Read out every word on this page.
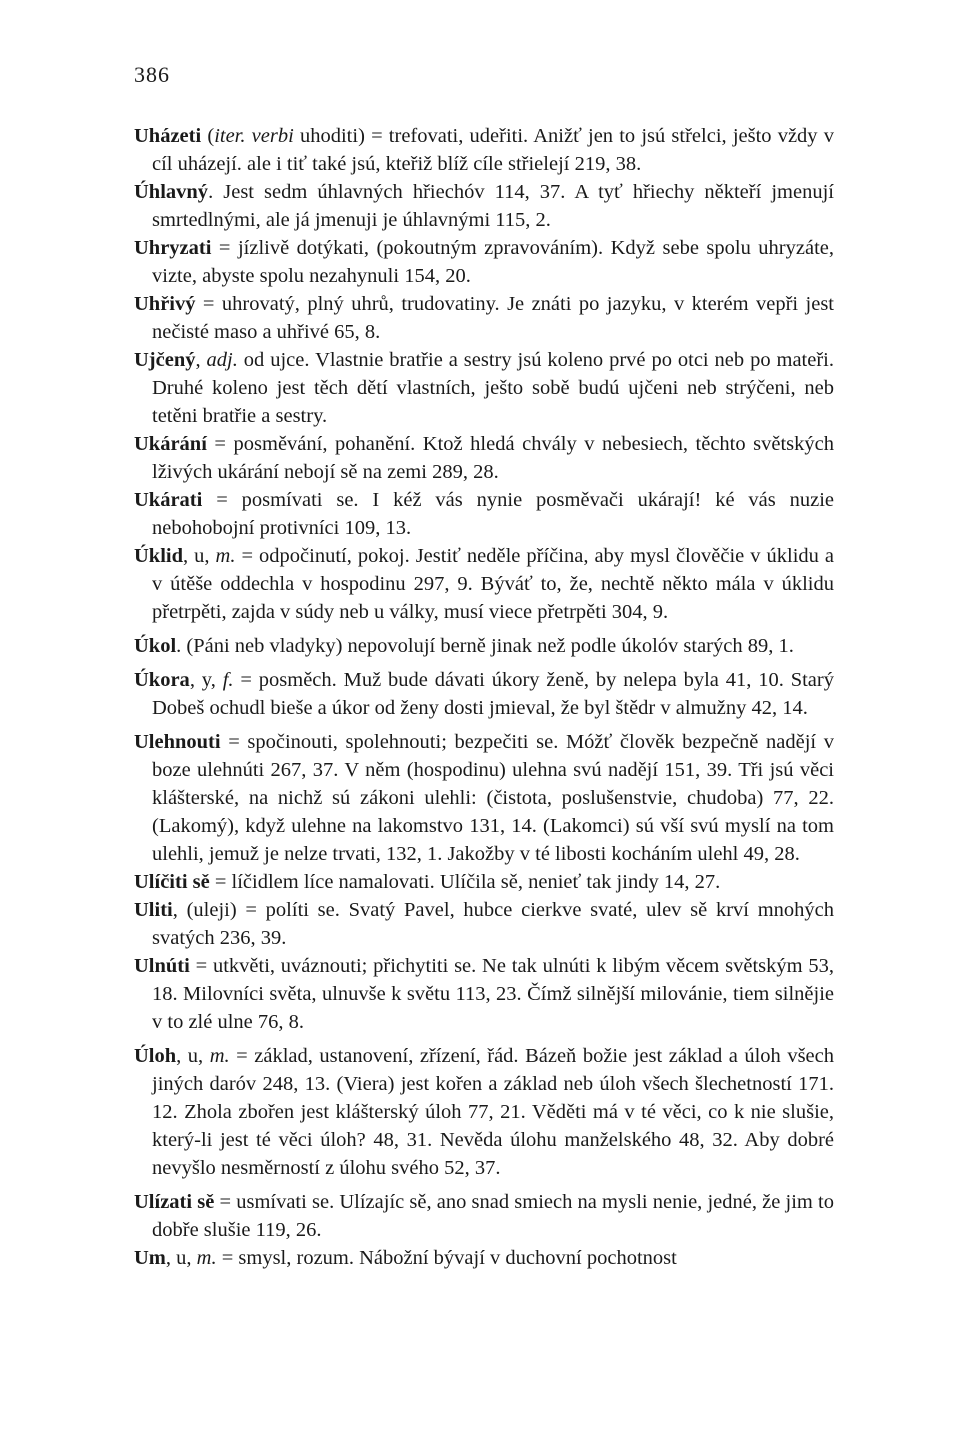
386

Uházeti (iter. verbi uhoditi) = trefovati, udeřiti. Anižť jen to jsú střelci, ješto vždy v cíl uházejí. ale i tiť také jsú, kteřiž blíž cíle střielejí 219, 38.

Úhlavný. Jest sedm úhlavných hřiechóv 114, 37. A tyť hřiechy někteří jmenují smrtedlnými, ale já jmenuji je úhlavnými 115, 2.

Uhryzati = jízlivě dotýkati, (pokoutným zpravováním). Když sebe spolu uhryzáte, vizte, abyste spolu nezahynuli 154, 20.

Uhřivý = uhrovatý, plný uhrů, trudovatiny. Je znáti po jazyku, v kterém vepři jest nečisté maso a uhřivé 65, 8.

Ujčený, adj. od ujce. Vlastnie bratřie a sestry jsú koleno prvé po otci neb po mateři. Druhé koleno jest těch dětí vlastních, ješto sobě budú ujčeni neb strýčeni, neb tetěni bratřie a sestry.

Ukárání = posměvání, pohanění. Ktož hledá chvály v nebesiech, těchto světských lživých ukárání nebojí sě na zemi 289, 28.

Ukárati = posmívati se. I kéž vás nynie posměvači ukárají! ké vás nuzie nebohobojní protivníci 109, 13.

Úklid, u, m. = odpočinutí, pokoj. Jestiť neděle příčina, aby mysl člověčie v úklidu a v útěše oddechla v hospodinu 297, 9. Býváť to, že, nechtě někto mála v úklidu přetrpěti, zajda v súdy neb u války, musí viece přetrpěti 304, 9.

Úkol. (Páni neb vladyky) nepovolují berně jinak než podle úkolóv starých 89, 1.

Úkora, y, f. = posměch. Muž bude dávati úkory ženě, by nelepa byla 41, 10. Starý Dobeš ochudl bieše a úkor od ženy dosti jmieval, že byl štědr v almužny 42, 14.

Ulehnouti = spočinouti, spolehnouti; bezpečiti se. Móžť člověk bezpečně nadějí v boze ulehnúti 267, 37. V něm (hospodinu) ulehna svú nadějí 151, 39. Tři jsú věci klášterské, na nichž sú zákoni ulehli: (čistota, poslušenstvie, chudoba) 77, 22. (Lakomý), když ulehne na lakomstvo 131, 14. (Lakomci) sú vší svú myslí na tom ulehli, jemuž je nelze trvati, 132, 1. Jakožby v té libosti kocháním ulehl 49, 28.

Ulíčiti sě = líčidlem líce namalovati. Ulíčila sě, nenieť tak jindy 14, 27.

Uliti, (uleji) = políti se. Svatý Pavel, hubce cierkve svaté, ulev sě krví mnohých svatých 236, 39.

Ulnúti = utkvěti, uváznouti; přichytiti se. Ne tak ulnúti k libým věcem světským 53, 18. Milovníci světa, ulnuvše k světu 113, 23. Čímž silnější milovánie, tiem silnějie v to zlé ulne 76, 8.

Úloh, u, m. = základ, ustanovení, zřízení, řád. Bázeň božie jest základ a úloh všech jiných daróv 248, 13. (Viera) jest kořen a základ neb úloh všech šlechetností 171. 12. Zhola zbořen jest klášterský úloh 77, 21. Věděti má v té věci, co k nie slušie, který-li jest té věci úloh? 48, 31. Nevěda úlohu manželského 48, 32. Aby dobré nevyšlo nesměrností z úlohu svého 52, 37.

Ulízati sě = usmívati se. Ulízajíc sě, ano snad smiech na mysli nenie, jedné, že jim to dobře slušie 119, 26.

Um, u, m. = smysl, rozum. Nábožní bývají v duchovní pochotnost
